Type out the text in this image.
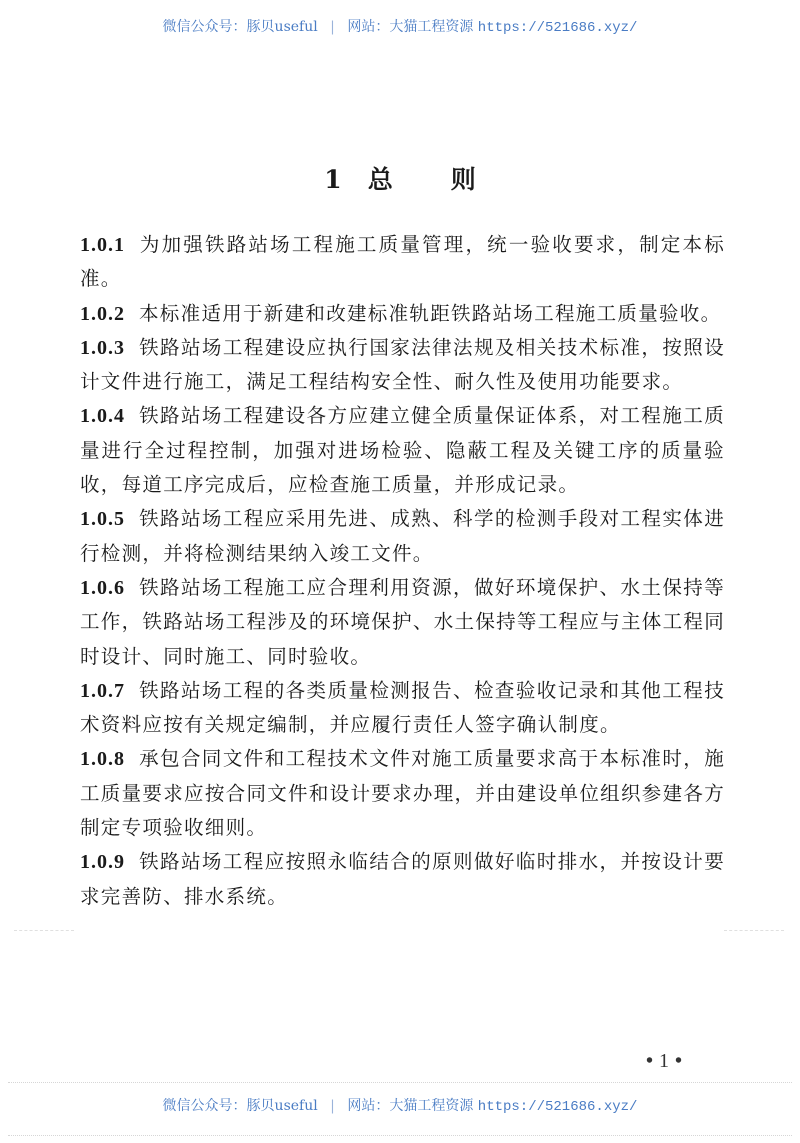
微信公众号：豚贝useful | 网站：大猫工程资源 https://521686.xyz/
1 总 则

1.0.1 为加强铁路站场工程施工质量管理，统一验收要求，制定本标准。

1.0.2 本标准适用于新建和改建标准轨距铁路站场工程施工质量验收。

1.0.3 铁路站场工程建设应执行国家法律法规及相关技术标准，按照设计文件进行施工，满足工程结构安全性、耐久性及使用功能要求。

1.0.4 铁路站场工程建设各方应建立健全质量保证体系，对工程施工质量进行全过程控制，加强对进场检验、隐蔽工程及关键工序的质量验收，每道工序完成后，应检查施工质量，并形成记录。

1.0.5 铁路站场工程应采用先进、成熟、科学的检测手段对工程实体进行检测，并将检测结果纳入竣工文件。

1.0.6 铁路站场工程施工应合理利用资源，做好环境保护、水土保持等工作，铁路站场工程涉及的环境保护、水土保持等工程应与主体工程同时设计、同时施工、同时验收。

1.0.7 铁路站场工程的各类质量检测报告、检查验收记录和其他工程技术资料应按有关规定编制，并应履行责任人签字确认制度。

1.0.8 承包合同文件和工程技术文件对施工质量要求高于本标准时，施工质量要求应按合同文件和设计要求办理，并由建设单位组织参建各方制定专项验收细则。

1.0.9 铁路站场工程应按照永临结合的原则做好临时排水，并按设计要求完善防、排水系统。

• 1 •
微信公众号：豚贝useful | 网站：大猫工程资源 https://521686.xyz/
